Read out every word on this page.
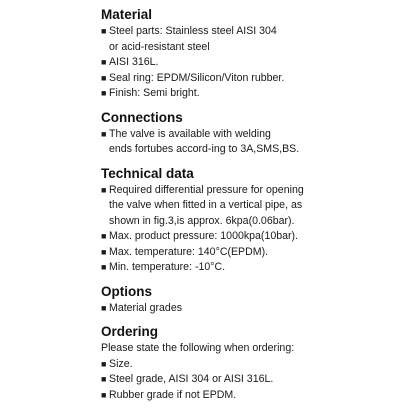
Material
■ Steel parts: Stainless steel AISI 304
or acid-resistant steel
■ AISI 316L.
■ Seal ring: EPDM/Silicon/Viton rubber.
■ Finish: Semi bright.
Connections
■ The valve is available with welding
ends fortubes accord-ing to 3A,SMS,BS.
Technical data
■ Required differential pressure for opening
the valve when fitted in a vertical pipe, as
shown in fig.3,is approx. 6kpa(0.06bar).
■ Max. product pressure: 1000kpa(10bar).
■ Max. temperature: 140°C(EPDM).
■ Min. temperature: -10°C.
Options
■ Material grades
Ordering

Please state the following when ordering:

■ Size.
■ Steel grade, AISI 304 or AISI 316L.
■ Rubber grade if not EPDM.
